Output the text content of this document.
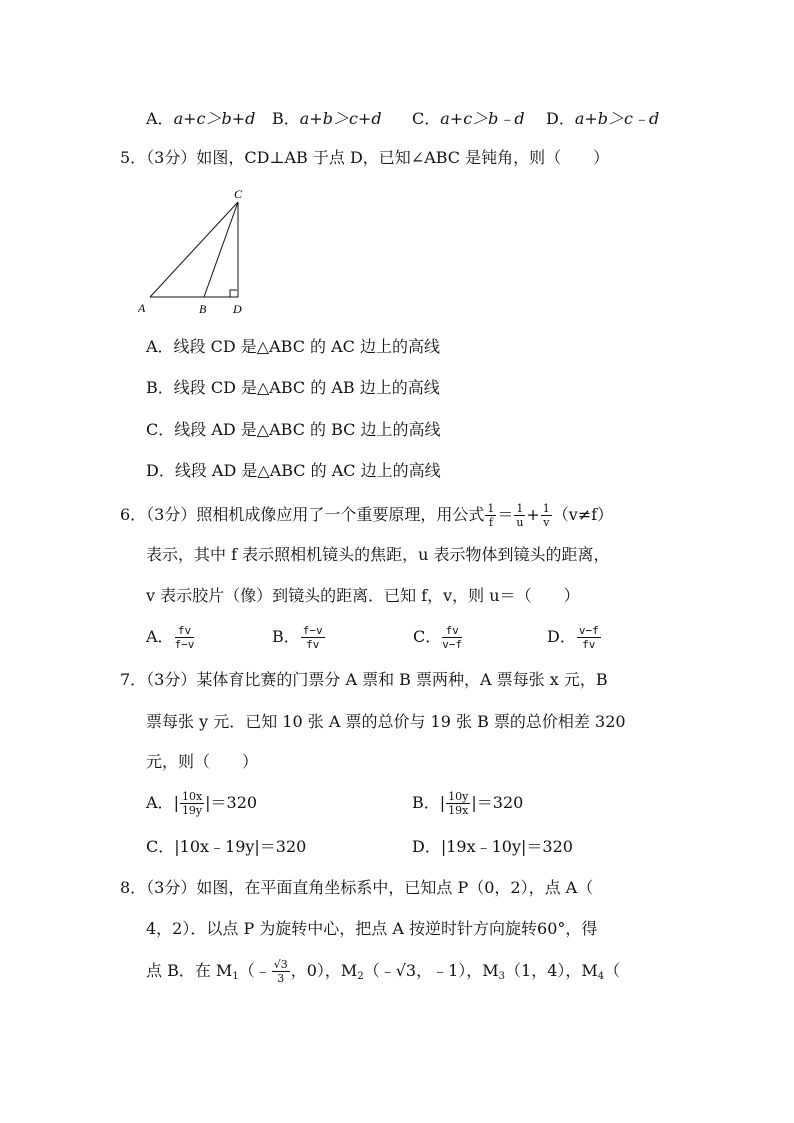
A．a+c＞b+d B．a+b＞c+d C．a+c＞b﹣d D．a+b＞c﹣d
5．（3分）如图，CD⊥AB 于点 D，已知∠ABC 是钝角，则（　　）
C
A	B D
A．线段 CD 是△ABC 的 AC 边上的高线
B．线段 CD 是△ABC 的 AB 边上的高线
C．线段 AD 是△ABC 的 BC 边上的高线
D．线段 AD 是△ABC 的 AC 边上的高线
6．（3分）照相机成像应用了一个重要原理，用公式 $\frac{1}{f} = \frac{1}{u} + \frac{1}{v} (v\ne f)$
表示，其中 f 表示照相机镜头的焦距，u 表示物体到镜头的距离，
v 表示胶片（像）到镜头的距离．已知 f，v，则 u＝（　　）
A． $\frac{fv}{f-v}$	B． $\frac{f-v}{fv}$	C． $\frac{fv}{v-f}$	D． $\frac{v-f}{fv}$
7．（3分）某体育比赛的门票分 A 票和 B 票两种，A 票每张 x 元，B
票每张 y 元．已知 10 张 A 票的总价与 19 张 B 票的总价相差 320
元，则（　　）
A．| $\frac{10x}{19y} |=320$	B．| $\frac{10y}{19x} |=320$
C．|10x﹣19y|＝320	D．|19x﹣10y|＝320
8．（3分）如图，在平面直角坐标系中，已知点 P（0，2），点 A（
4，2）．以点 P 为旋转中心，把点 A 按逆时针方向旋转60°，得
点 B．在 $M_1(﹣ \frac{√3}{3}$ ，0），$M_2(﹣√3$，﹣1），$M_3(1$，4），$M_4$（
